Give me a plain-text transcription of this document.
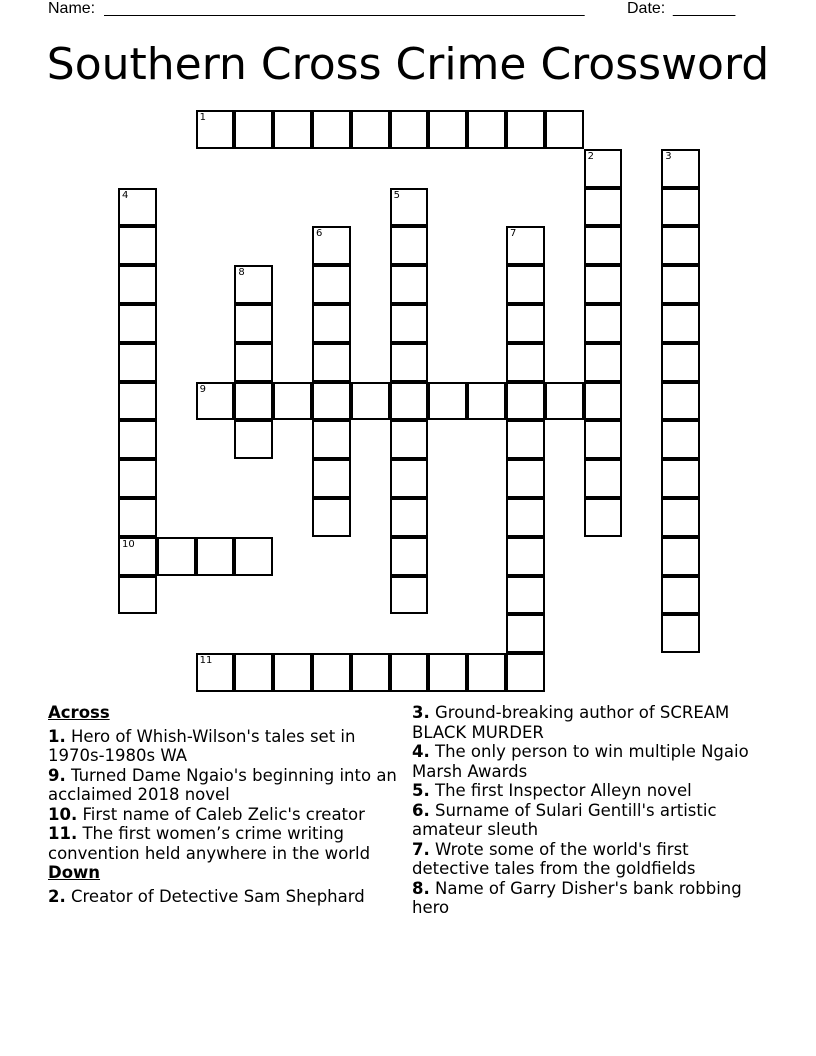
Name: ______________________________________________________	Date: _______
Southern Cross Crime Crossword
1
2	3
4
10
5
6	7
8
9
11
Across
1. Hero of Whish-Wilson's tales set in 1970s-1980s WA
9. Turned Dame Ngaio's beginning into an acclaimed 2018 novel
10. First name of Caleb Zelic's creator
11. The first women’s crime writing convention held anywhere in the world
Down
2. Creator of Detective Sam Shephard
3. Ground-breaking author of SCREAM BLACK MURDER
4. The only person to win multiple Ngaio Marsh Awards
5. The first Inspector Alleyn novel
6. Surname of Sulari Gentill's artistic amateur sleuth
7. Wrote some of the world's first detective tales from the goldfields
8. Name of Garry Disher's bank robbing hero
